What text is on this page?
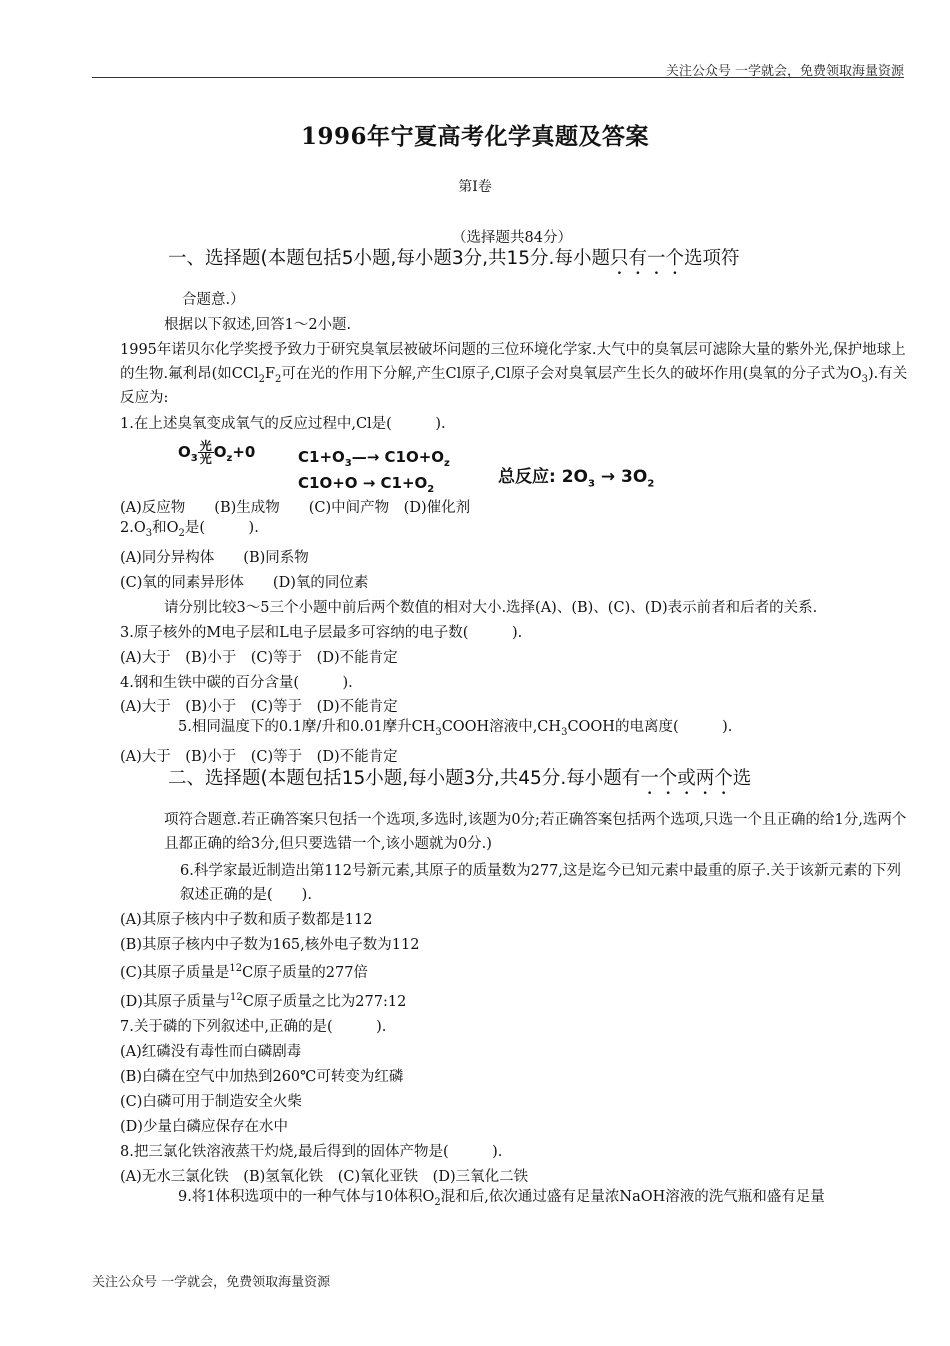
关注公众号 一学就会，免费领取海量资源
1996年宁夏高考化学真题及答案
第I卷
（选择题共84分）
一、选择题(本题包括5小题,每小题3分,共15分.每小题只有一个选项符
合题意.）
根据以下叙述,回答1～2小题.
1995年诺贝尔化学奖授予致力于研究臭氧层被破坏问题的三位环境化学家.大气中的臭氧层可滤除大量的紫外光,保护地球上的生物.氟利昂(如$CCl_2F_2$可在光的作用下分解,产生Cl原子,Cl原子会对臭氧层产生长久的破坏作用(臭氧的分子式为$O_3$).有关反应为:
1.在上述臭氧变成氧气的反应过程中,Cl是(　　　).
$O_3 \frac{\text{光}}{\text{光}} O_z+0$	$C1+O_3—\to C1O+O_z$
$C1O+O \to C1+O_2$
总反应: $2O_3 \to 3O_2$
(A)反应物　　(B)生成物　　(C)中间产物　(D)催化剂
$2.O_3$和$O_2$是(　　　).
(A)同分异构体　　(B)同系物
(C)氧的同素异形体　　(D)氧的同位素
请分别比较3～5三个小题中前后两个数值的相对大小.选择(A)、(B)、(C)、(D)表示前者和后者的关系.
3.原子核外的M电子层和L电子层最多可容纳的电子数(　　　).
(A)大于　(B)小于　(C)等于　(D)不能肯定
4.钢和生铁中碳的百分含量(　　　).
(A)大于　(B)小于　(C)等于　(D)不能肯定
5.相同温度下的0.1摩/升和0.01摩升$CH_3COOH$溶液中$,CH_3COOH$的电离度(　　　).
(A)大于　(B)小于　(C)等于　(D)不能肯定
二、选择题(本题包括15小题,每小题3分,共45分.每小题有一个或两个选
项符合题意.若正确答案只包括一个选项,多选时,该题为0分;若正确答案包括两个选项,只选一个且正确的给1分,选两个且都正确的给3分,但只要选错一个,该小题就为0分.)
6.科学家最近制造出第112号新元素,其原子的质量数为277,这是迄今已知元素中最重的原子.关于该新元素的下列叙述正确的是(　　).
(A)其原子核内中子数和质子数都是112
(B)其原子核内中子数为165,核外电子数为112
(C)其原子质量是$^{12}$C原子质量的277倍
(D)其原子质量与$^{12}$C原子质量之比为277:12
7.关于磷的下列叙述中,正确的是(　　　).
(A)红磷没有毒性而白磷剧毒
(B)白磷在空气中加热到260℃可转变为红磷
(C)白磷可用于制造安全火柴
(D)少量白磷应保存在水中
8.把三氯化铁溶液蒸干灼烧,最后得到的固体产物是(　　　).
(A)无水三氯化铁　(B)氢氧化铁　(C)氧化亚铁　(D)三氧化二铁
9.将1体积选项中的一种气体与10体积$O_2$混和后,依次通过盛有足量浓NaOH溶液的洗气瓶和盛有足量
关注公众号 一学就会，免费领取海量资源
